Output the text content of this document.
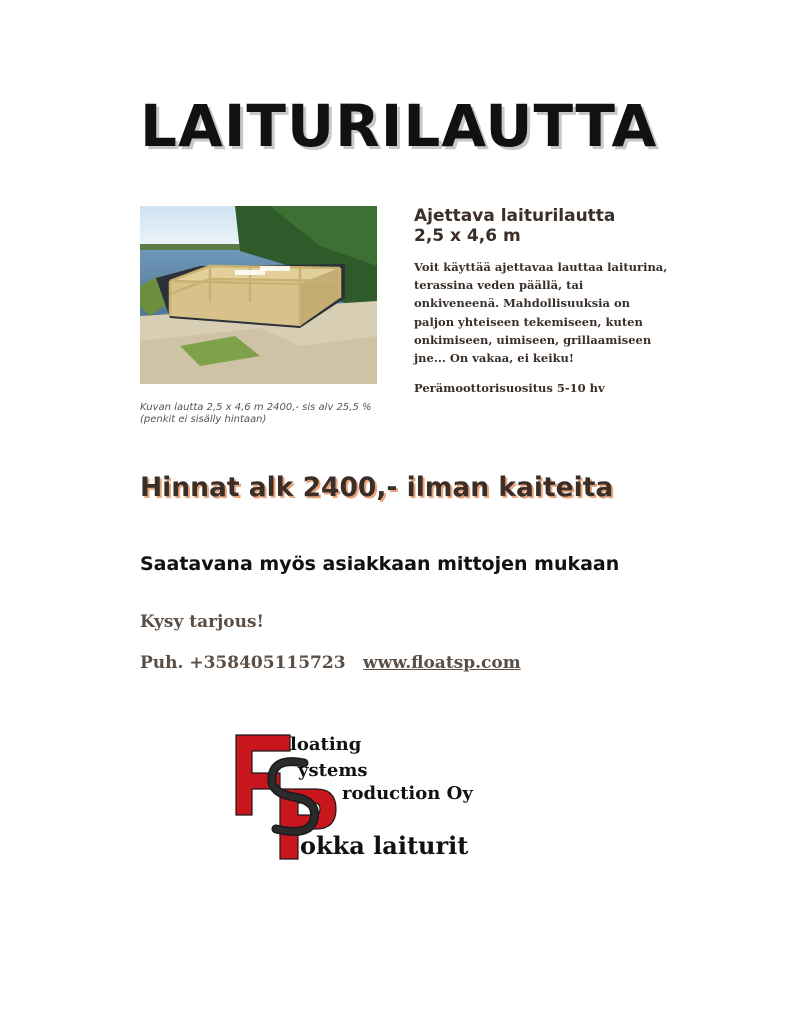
LAITURILAUTTA
Kuvan lautta 2,5 x 4,6 m 2400,- sis alv 25,5 %
(penkit ei sisälly hintaan)
Ajettava laiturilautta
2,5 x 4,6 m
Voit käyttää ajettavaa lauttaa laiturina,
terassina veden päällä, tai
onkiveneenä. Mahdollisuuksia on
paljon yhteiseen tekemiseen, kuten
onkimiseen, uimiseen, grillaamiseen
jne... On vakaa, ei keiku!
Perämoottorisuositus 5-10 hv
Hinnat alk 2400,- ilman kaiteita
Saatavana myös asiakkaan mittojen mukaan
Kysy tarjous!
Puh. +358405115723 www.floatsp.com
loating
ystems
roduction Oy
okka laiturit
